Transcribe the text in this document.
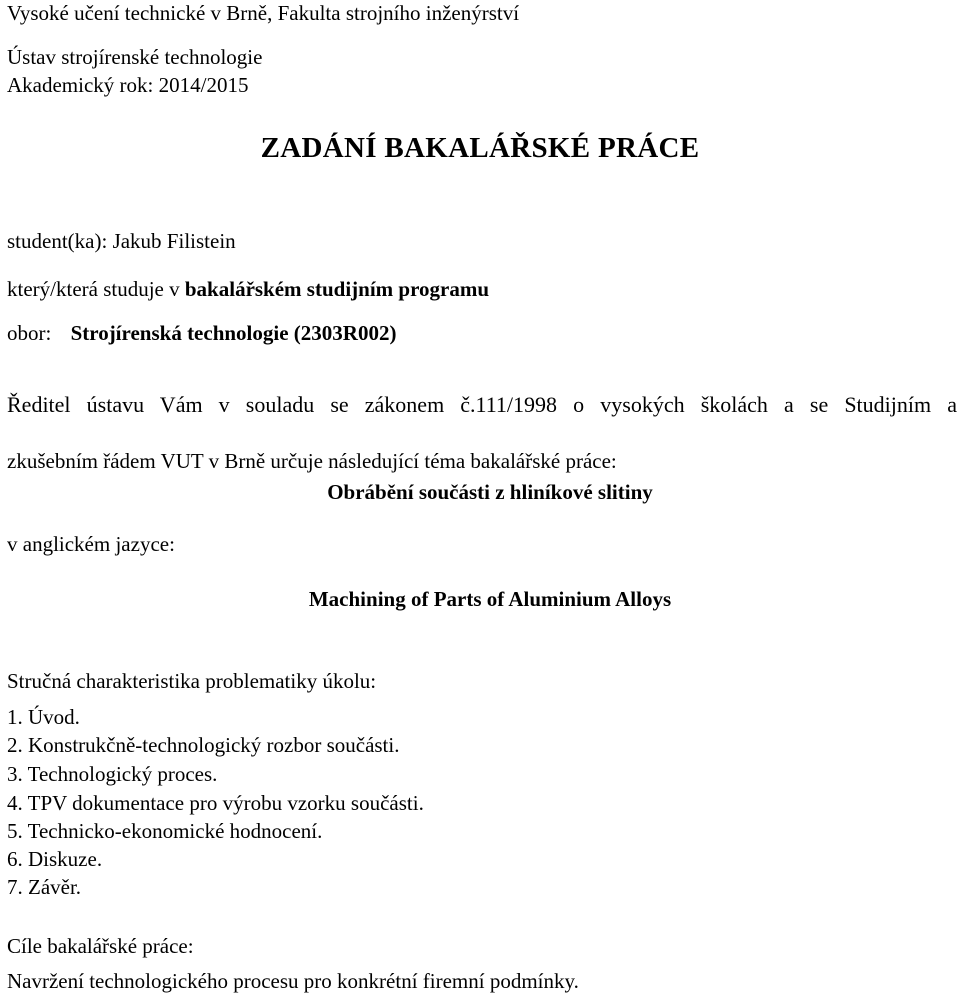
Vysoké učení technické v Brně, Fakulta strojního inženýrství
Ústav strojírenské technologie
Akademický rok: 2014/2015
ZADÁNÍ BAKALÁŘSKÉ PRÁCE
student(ka): Jakub Filistein
který/která studuje v bakalářském studijním programu
obor: Strojírenská technologie (2303R002)
Ředitel ústavu Vám v souladu se zákonem č.111/1998 o vysokých školách a se Studijním a
zkušebním řádem VUT v Brně určuje následující téma bakalářské práce:
Obrábění součásti z hliníkové slitiny
v anglickém jazyce:
Machining of Parts of Aluminium Alloys
Stručná charakteristika problematiky úkolu:
1. Úvod.
2. Konstrukčně-technologický rozbor součásti.
3. Technologický proces.
4. TPV dokumentace pro výrobu vzorku součásti.
5. Technicko-ekonomické hodnocení.
6. Diskuze.
7. Závěr.
Cíle bakalářské práce:
Navržení technologického procesu pro konkrétní firemní podmínky.
